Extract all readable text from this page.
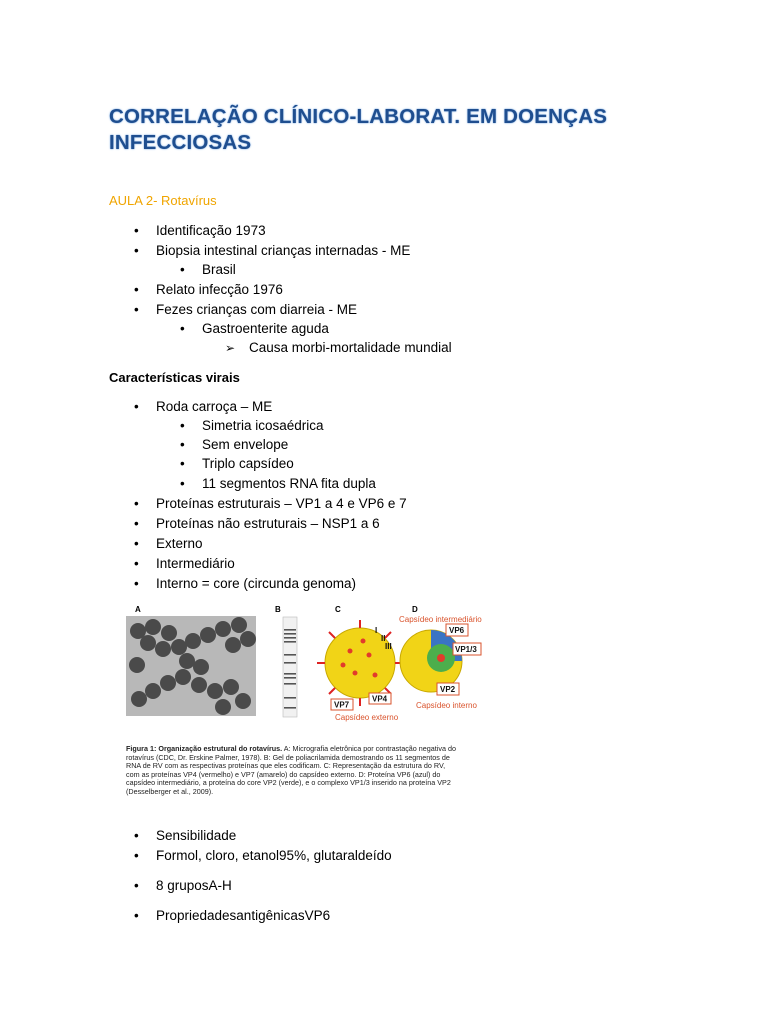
CORRELAÇÃO CLÍNICO-LABORAT. EM DOENÇAS
INFECCIOSAS
AULA 2- Rotavírus
• Identificação 1973
• Biopsia intestinal crianças internadas - ME
• Brasil
• Relato infecção 1976
• Fezes crianças com diarreia - ME
• Gastroenterite aguda
➢ Causa morbi-mortalidade mundial
Características virais
• Roda carroça – ME
• Simetria icosaédrica
• Sem envelope
• Triplo capsídeo
• 11 segmentos RNA fita dupla
• Proteínas estruturais – VP1 a 4 e VP6 e 7
• Proteínas não estruturais – NSP1 a 6
• Externo
• Intermediário
• Interno = core (circunda genoma)
A	B	C
I
II
III
VP7
VP4
Capsídeo externo
D
Capsídeo intermediário
VP6
VP1/3
VP2
Capsídeo interno
Figura 1: Organização estrutural do rotavírus. A: Micrografia eletrônica por contrastação negativa do rotavírus (CDC, Dr. Erskine Palmer, 1978). B: Gel de poliacrilamida demostrando os 11 segmentos de RNA de RV com as respectivas proteínas que eles codificam. C: Representação da estrutura do RV, com as proteínas VP4 (vermelho) e VP7 (amarelo) do capsídeo externo. D: Proteína VP6 (azul) do capsídeo intermediário, a proteína do core VP2 (verde), e o complexo VP1/3 inserido na proteína VP2 (Desselberger et al., 2009).
• Sensibilidade
• Formol, cloro, etanol95%, glutaraldeído
• 8 gruposA-H
• PropriedadesantigênicasVP6
